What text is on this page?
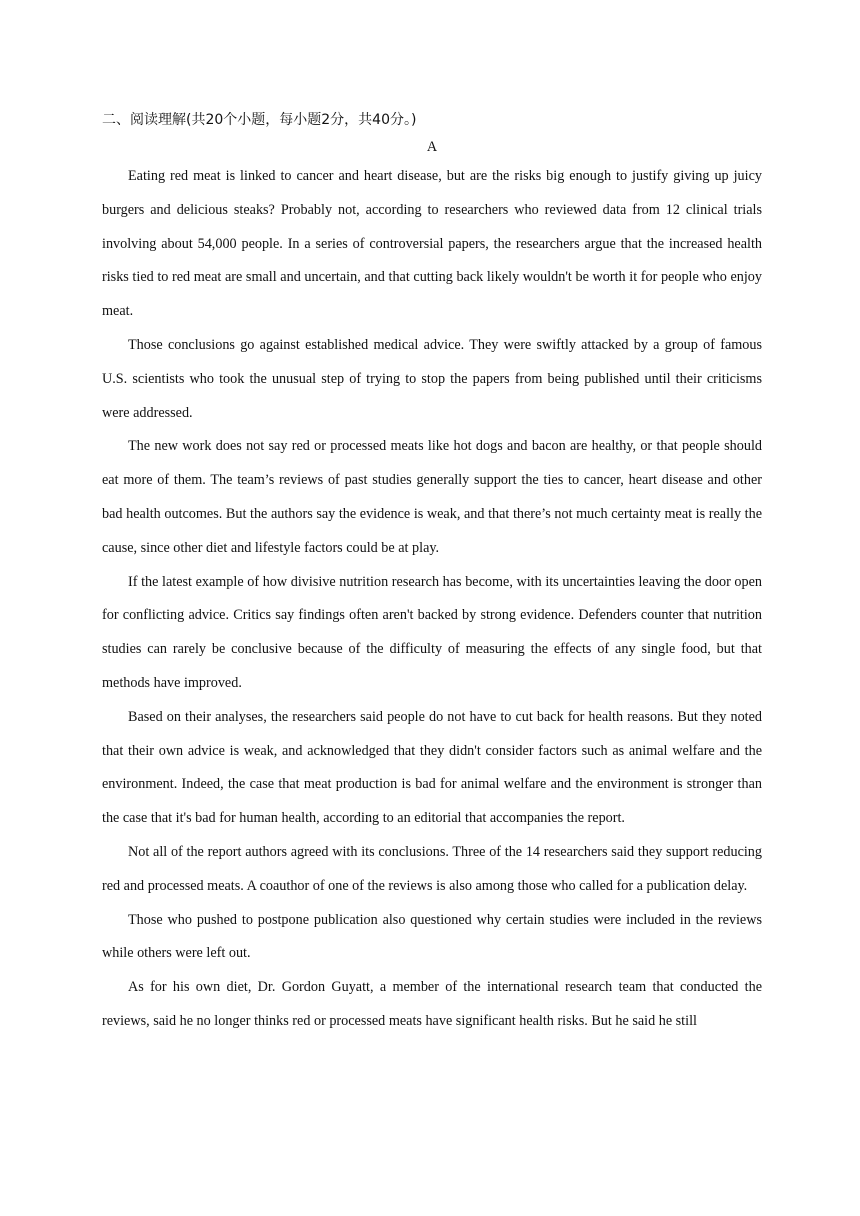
二、阅读理解(共20个小题，每小题2分，共40分。)

A

Eating red meat is linked to cancer and heart disease, but are the risks big enough to justify giving up juicy burgers and delicious steaks? Probably not, according to researchers who reviewed data from 12 clinical trials involving about 54,000 people. In a series of controversial papers, the researchers argue that the increased health risks tied to red meat are small and uncertain, and that cutting back likely wouldn't be worth it for people who enjoy meat.

Those conclusions go against established medical advice. They were swiftly attacked by a group of famous U.S. scientists who took the unusual step of trying to stop the papers from being published until their criticisms were addressed.

The new work does not say red or processed meats like hot dogs and bacon are healthy, or that people should eat more of them. The team’s reviews of past studies generally support the ties to cancer, heart disease and other bad health outcomes. But the authors say the evidence is weak, and that there’s not much certainty meat is really the cause, since other diet and lifestyle factors could be at play.

If the latest example of how divisive nutrition research has become, with its uncertainties leaving the door open for conflicting advice. Critics say findings often aren't backed by strong evidence. Defenders counter that nutrition studies can rarely be conclusive because of the difficulty of measuring the effects of any single food, but that methods have improved.

Based on their analyses, the researchers said people do not have to cut back for health reasons. But they noted that their own advice is weak, and acknowledged that they didn't consider factors such as animal welfare and the environment. Indeed, the case that meat production is bad for animal welfare and the environment is stronger than the case that it's bad for human health, according to an editorial that accompanies the report.

Not all of the report authors agreed with its conclusions. Three of the 14 researchers said they support reducing red and processed meats. A coauthor of one of the reviews is also among those who called for a publication delay.

Those who pushed to postpone publication also questioned why certain studies were included in the reviews while others were left out.

As for his own diet, Dr. Gordon Guyatt, a member of the international research team that conducted the reviews, said he no longer thinks red or processed meats have significant health risks. But he said he still
